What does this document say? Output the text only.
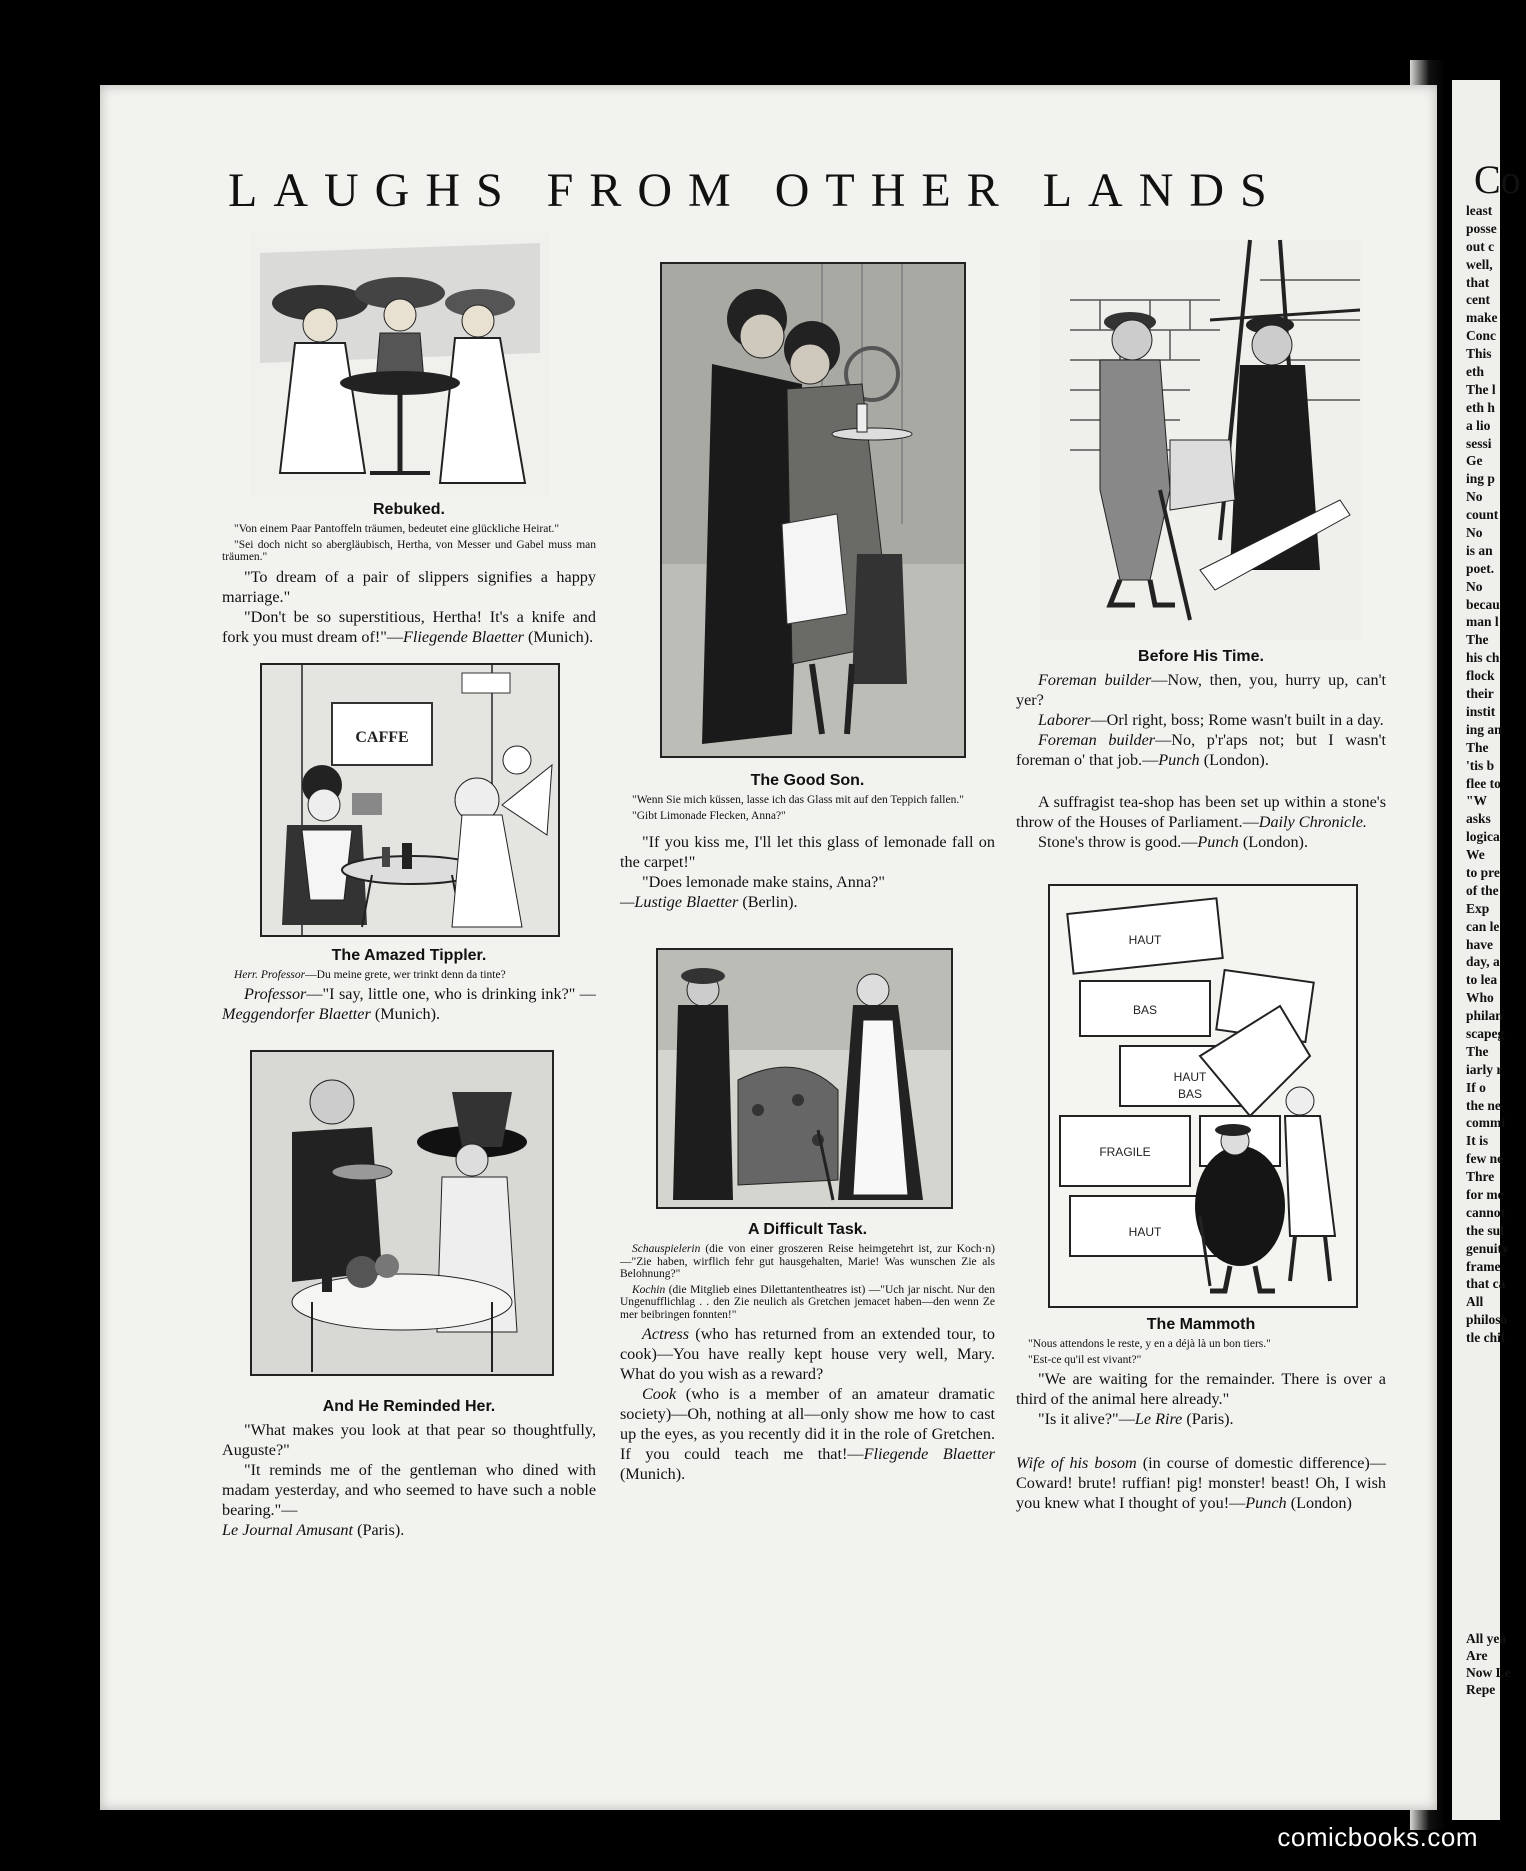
Co
least
posse
out c
well,
that
cent
make
Conc
This
eth
The l
eth h
a lio
sessi
Ge
ing p
No
count
No
is an
poet.
No
becau
man l
The
his ch
flock
their
instit
ing an
The
'tis b
flee to
"W
asks
logica
We
to pre
of the
Exp
can le
have
day, a
to lea
Who
philan
scapeg
The
iarly r
If o
the ne
commi
It is
few ne
Thre
for me
cannot
the sul
genuity
frame
that ca
All
philoso
tle chil
All yea
Are
Now Le
Repe
LAUGHS FROM OTHER LANDS
Rebuked.

"Von einem Paar Pantoffeln träumen, bedeutet eine glückliche Heirat."

"Sei doch nicht so abergläubisch, Hertha, von Messer und Gabel muss man träumen."

"To dream of a pair of slippers signifies a happy marriage."

"Don't be so superstitious, Hertha! It's a knife and fork you must dream of!"—Fliegende Blaetter (Munich).

CAFFE
The Amazed Tippler.

Herr. Professor—Du meine grete, wer trinkt denn da tinte?

Professor—"I say, little one, who is drinking ink?" — Meggendorfer Blaetter (Munich).

And He Reminded Her.

"What makes you look at that pear so thoughtfully, Auguste?"

"It reminds me of the gentleman who dined with madam yesterday, and who seemed to have such a noble bearing."—
Le Journal Amusant (Paris).

The Good Son.

"Wenn Sie mich küssen, lasse ich das Glass mit auf den Teppich fallen."

"Gibt Limonade Flecken, Anna?"

"If you kiss me, I'll let this glass of lemonade fall on the carpet!"

"Does lemonade make stains, Anna?"
—Lustige Blaetter (Berlin).

A Difficult Task.

Schauspielerin (die von einer groszeren Reise heimgetehrt ist, zur Koch·n) —"Zie haben, wirflich fehr gut hausgehalten, Marie! Was wunschen Zie als Belohnung?"

Kochin (die Mitglieb eines Dilettantentheatres ist) —"Uch jar nischt. Nur den Ungenufflichlag . . den Zie neulich als Gretchen jemacet haben—den wenn Ze mer beibringen fonnten!"

Actress (who has returned from an extended tour, to cook)—You have really kept house very well, Mary. What do you wish as a reward?

Cook (who is a member of an amateur dramatic society)—Oh, nothing at all—only show me how to cast up the eyes, as you recently did it in the role of Gretchen. If you could teach me that!—Fliegende Blaetter (Munich).

Before His Time.

Foreman builder—Now, then, you, hurry up, can't yer?

Laborer—Orl right, boss; Rome wasn't built in a day.

Foreman builder—No, p'r'aps not; but I wasn't foreman o' that job.—Punch (London).

A suffragist tea-shop has been set up within a stone's throw of the Houses of Parliament.—Daily Chronicle.

Stone's throw is good.—Punch (London).

HAUT
HAUT
BAS
FRAGILE
BAS
HAUT
The Mammoth

"Nous attendons le reste, y en a déjà là un bon tiers."

"Est-ce qu'il est vivant?"

"We are waiting for the remainder. There is over a third of the animal here already."

"Is it alive?"—Le Rire (Paris).

Wife of his bosom (in course of domestic difference)—Coward! brute! ruffian! pig! monster! beast! Oh, I wish you knew what I thought of you!—Punch (London)

comicbooks.com
